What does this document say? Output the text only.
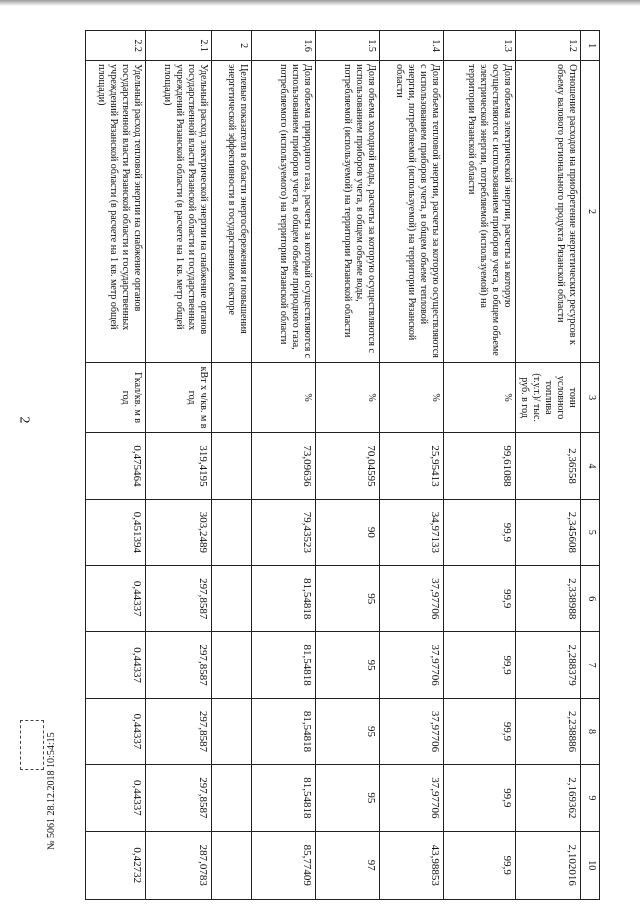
2
№ 5061 28.12.2018 10:54:15
1	2	3	4	5	6	7	8	9	10
1.2	Отношение расходов на приобретение энергетических ресурсов к объему валового регионального продукта Рязанской области	тонн условного топлива (т.у.т.)/ тыс. руб. в год	2,36558	2,345608	2,338988	2,288379	2,238886	2,169362	2,102016
1.3	Доля объема электрической энергии, расчеты за которую осуществляются с использованием приборов учета, в общем объеме электрической энергии, потребляемой (используемой) на территории Рязанской области	%	99,61088	99,9	99,9	99,9	99,9	99,9	99,9
1.4	Доля объема тепловой энергии, расчеты за которую осуществляются с использованием приборов учета, в общем объеме тепловой энергии, потребляемой (используемой) на территории Рязанской области	%	25,95413	34,97133	37,97706	37,97706	37,97706	37,97706	43,98853
1.5	Доля объема холодной воды, расчеты за которую осуществляются с использованием приборов учета, в общем объеме воды, потребляемой (используемой) на территории Рязанской области	%	70,04595	90	95	95	95	95	97
1.6	Доля объема природного газа, расчеты за который осуществляются с использованием приборов учета, в общем объеме природного газа, потребляемого (используемого) на территории Рязанской области	%	73,09636	79,43523	81,54818	81,54818	81,54818	81,54818	85,77409
2	Целевые показатели в области энергосбережения и повышения энергетической эффективности в государственном секторе								
2.1	Удельный расход электрической энергии на снабжение органов государственной власти Рязанской области и государственных учреждений Рязанской области (в расчете на 1 кв. метр общей площади)	кВт x ч/кв. м в год	319,4195	303,2489	297,8587	297,8587	297,8587	297,8587	287,0783
2.2	Удельный расход тепловой энергии на снабжение органов государственной власти Рязанской области и государственных учреждений Рязанской области (в расчете на 1 кв. метр общей площади)	Гкал/кв. м в год	0,475464	0,451394	0,44337	0,44337	0,44337	0,44337	0,42732
